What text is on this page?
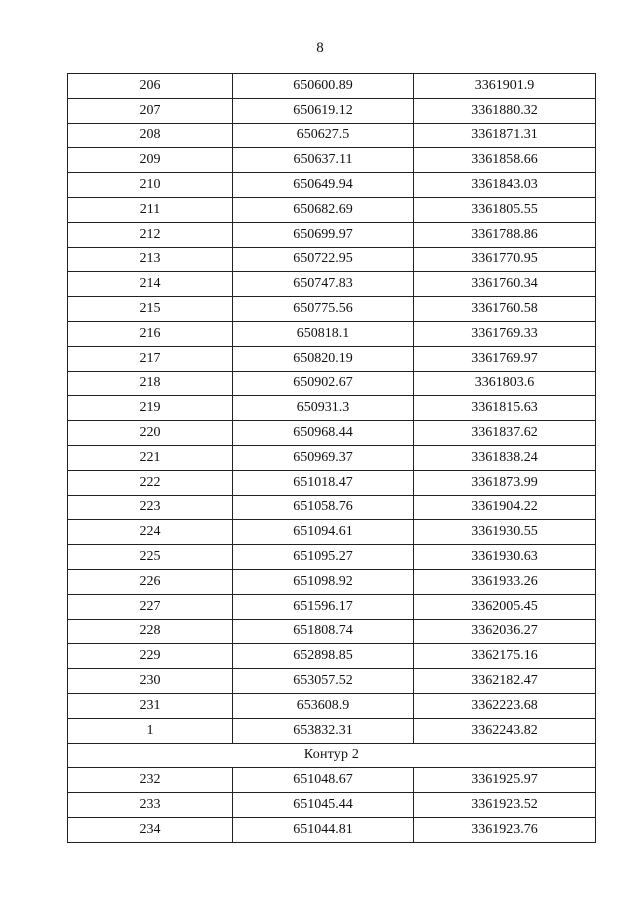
8
206	650600.89	3361901.9
207	650619.12	3361880.32
208	650627.5	3361871.31
209	650637.11	3361858.66
210	650649.94	3361843.03
211	650682.69	3361805.55
212	650699.97	3361788.86
213	650722.95	3361770.95
214	650747.83	3361760.34
215	650775.56	3361760.58
216	650818.1	3361769.33
217	650820.19	3361769.97
218	650902.67	3361803.6
219	650931.3	3361815.63
220	650968.44	3361837.62
221	650969.37	3361838.24
222	651018.47	3361873.99
223	651058.76	3361904.22
224	651094.61	3361930.55
225	651095.27	3361930.63
226	651098.92	3361933.26
227	651596.17	3362005.45
228	651808.74	3362036.27
229	652898.85	3362175.16
230	653057.52	3362182.47
231	653608.9	3362223.68
1	653832.31	3362243.82
Контур 2		
232	651048.67	3361925.97
233	651045.44	3361923.52
234	651044.81	3361923.76
